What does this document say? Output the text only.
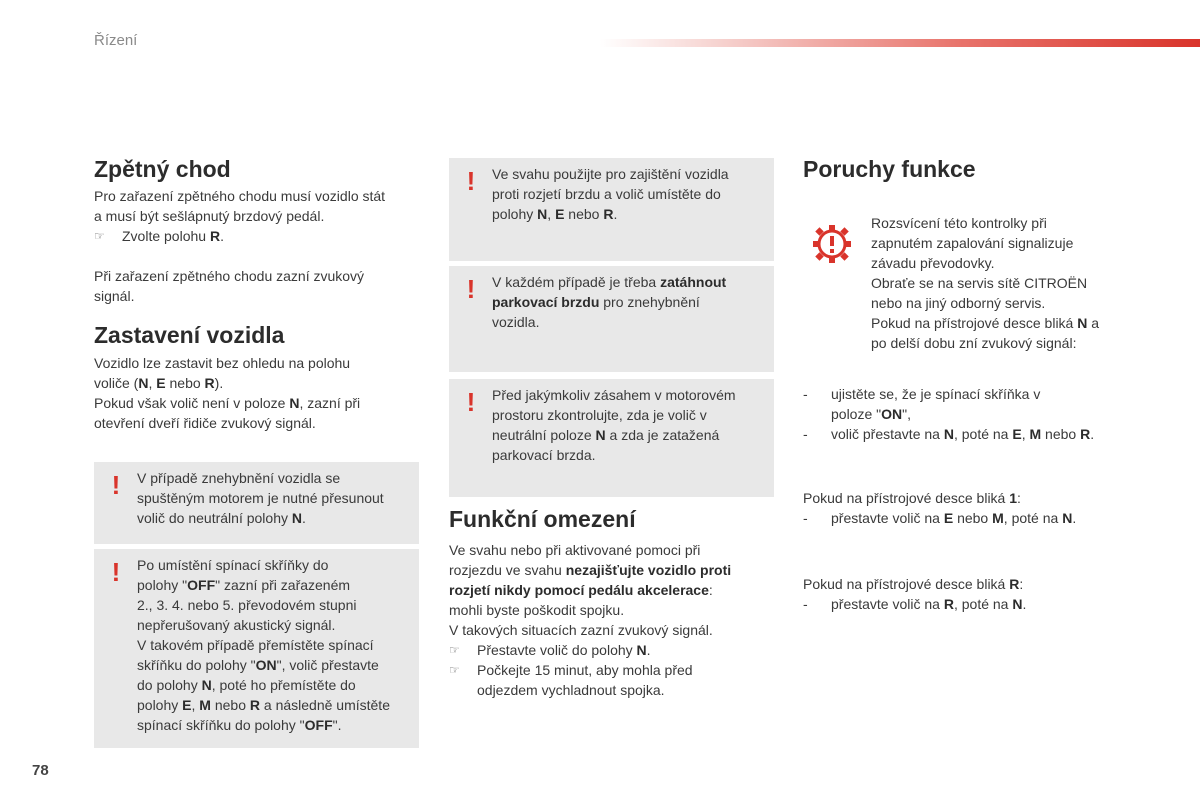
Řízení
Zpětný chod

Pro zařazení zpětného chodu musí vozidlo stát

a musí být sešlápnutý brzdový pedál.

☞	Zvolte polohu R.

Při zařazení zpětného chodu zazní zvukový

signál.

Zastavení vozidla

Vozidlo lze zastavit bez ohledu na polohu

voliče (N, E nebo R).

Pokud však volič není v poloze N, zazní při

otevření dveří řidiče zvukový signál.

! V případě znehybnění vozidla se

spuštěným motorem je nutné přesunout

volič do neutrální polohy N.

! Po umístění spínací skříňky do

polohy "OFF" zazní při zařazeném

2., 3. 4. nebo 5. převodovém stupni

nepřerušovaný akustický signál.

V takovém případě přemístěte spínací

skříňku do polohy "ON", volič přestavte

do polohy N, poté ho přemístěte do

polohy E, M nebo R a následně umístěte

spínací skříňku do polohy "OFF".

! Ve svahu použijte pro zajištění vozidla

proti rozjetí brzdu a volič umístěte do

polohy N, E nebo R.

! V každém případě je třeba zatáhnout

parkovací brzdu pro znehybnění

vozidla.

! Před jakýmkoliv zásahem v motorovém

prostoru zkontrolujte, zda je volič v

neutrální poloze N a zda je zatažená

parkovací brzda.

Funkční omezení

Ve svahu nebo při aktivované pomoci při

rozjezdu ve svahu nezajišťujte vozidlo proti

rozjetí nikdy pomocí pedálu akcelerace:

mohli byste poškodit spojku.

V takových situacích zazní zvukový signál.

☞	Přestavte volič do polohy N.
☞	Počkejte 15 minut, aby mohla před
odjezdem vychladnout spojka.
Poruchy funkce

Rozsvícení této kontrolky při

zapnutém zapalování signalizuje

závadu převodovky.

Obraťe se na servis sítě CITROËN

nebo na jiný odborný servis.

Pokud na přístrojové desce bliká N a

po delší dobu zní zvukový signál:

-	ujistěte se, že je spínací skříňka v
poloze "ON",
-	volič přestavte na N, poté na E, M nebo R.

Pokud na přístrojové desce bliká 1:

-	přestavte volič na E nebo M, poté na N.

Pokud na přístrojové desce bliká R:

-	přestavte volič na R, poté na N.
78
